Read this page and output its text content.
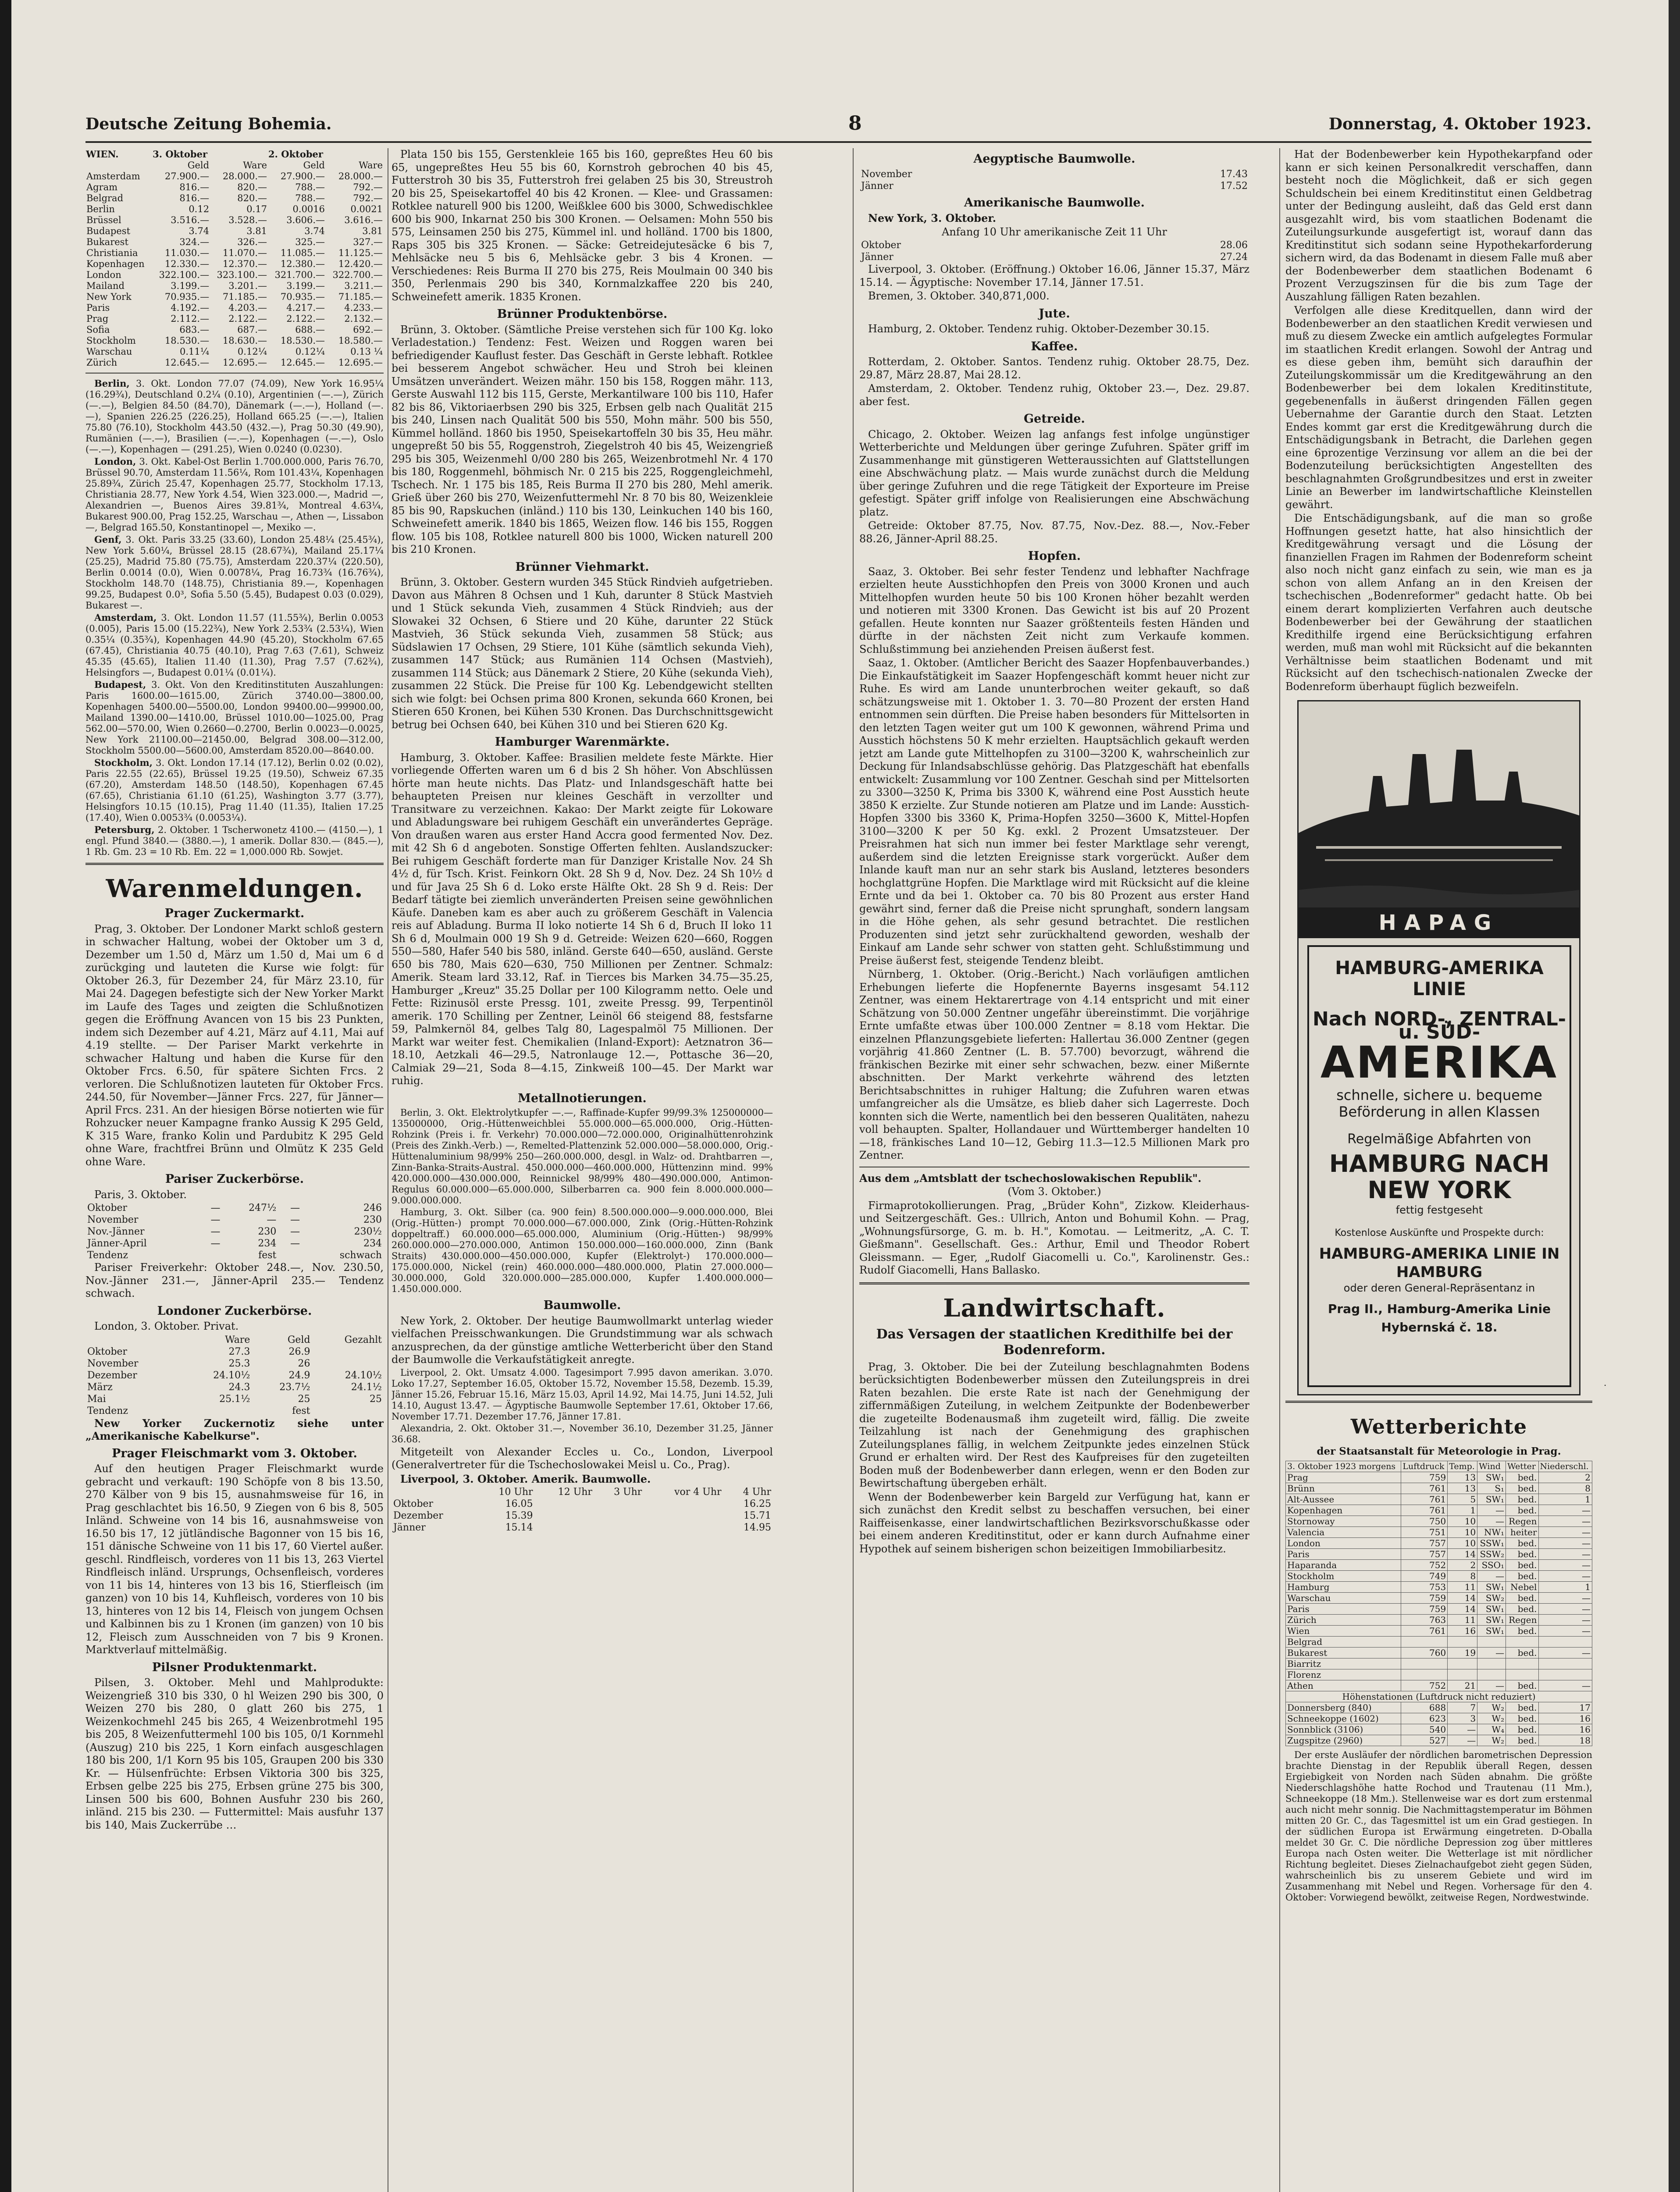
Deutsche Zeitung Bohemia.	8	Donnerstag, 4. Oktober 1923.
WIEN.	3. Oktober		2. Oktober	
	Geld	Ware	Geld	Ware
Amsterdam	27.900.—	28.000.—	27.900.—	28.000.—
Agram	816.—	820.—	788.—	792.—
Belgrad	816.—	820.—	788.—	792.—
Berlin	0.12	0.17	0.0016	0.0021
Brüssel	3.516.—	3.528.—	3.606.—	3.616.—
Budapest	3.74	3.81	3.74	3.81
Bukarest	324.—	326.—	325.—	327.—
Christiania	11.030.—	11.070.—	11.085.—	11.125.—
Kopenhagen	12.330.—	12.370.—	12.380.—	12.420.—
London	322.100.—	323.100.—	321.700.—	322.700.—
Mailand	3.199.—	3.201.—	3.199.—	3.211.—
New York	70.935.—	71.185.—	70.935.—	71.185.—
Paris	4.192.—	4.203.—	4.217.—	4.233.—
Prag	2.112.—	2.122.—	2.122.—	2.132.—
Sofia	683.—	687.—	688.—	692.—
Stockholm	18.530.—	18.630.—	18.530.—	18.580.—
Warschau	0.11¼	0.12¼	0.12¼	0.13 ¼
Zürich	12.645.—	12.695.—	12.645.—	12.695.—

Berlin, 3. Okt. London 77.07 (74.09), New York 16.95¼ (16.29¾), Deutschland 0.2¼ (0.10), Argentinien (—.—), Zürich (—.—), Belgien 84.50 (84.70), Dänemark (—.—), Holland (—.—), Spanien 226.25 (226.25), Holland 665.25 (—.—), Italien 75.80 (76.10), Stockholm 443.50 (432.—), Prag 50.30 (49.90), Rumänien (—.—), Brasilien (—.—), Kopenhagen (—.—), Oslo (—.—), Kopenhagen — (291.25), Wien 0.0240 (0.0230).

London, 3. Okt. Kabel-Ost Berlin 1.700.000.000, Paris 76.70, Brüssel 90.70, Amsterdam 11.56¼, Rom 101.43¼, Kopenhagen 25.89¾, Zürich 25.47, Kopenhagen 25.77, Stockholm 17.13, Christiania 28.77, New York 4.54, Wien 323.000.—, Madrid —, Alexandrien —, Buenos Aires 39.81¾, Montreal 4.63¼, Bukarest 900.00, Prag 152.25, Warschau —, Athen —, Lissabon —, Belgrad 165.50, Konstantinopel —, Mexiko —.

Genf, 3. Okt. Paris 33.25 (33.60), London 25.48¼ (25.45¾), New York 5.60¼, Brüssel 28.15 (28.67¾), Mailand 25.17¼ (25.25), Madrid 75.80 (75.75), Amsterdam 220.37¼ (220.50), Berlin 0.0014 (0.0), Wien 0.0078¼, Prag 16.73¾ (16.76¾), Stockholm 148.70 (148.75), Christiania 89.—, Kopenhagen 99.25, Budapest 0.0³, Sofia 5.50 (5.45), Budapest 0.03 (0.029), Bukarest —.

Amsterdam, 3. Okt. London 11.57 (11.55¾), Berlin 0.0053 (0.005), Paris 15.00 (15.22¾), New York 2.53¾ (2.53¼), Wien 0.35¼ (0.35¾), Kopenhagen 44.90 (45.20), Stockholm 67.65 (67.45), Christiania 40.75 (40.10), Prag 7.63 (7.61), Schweiz 45.35 (45.65), Italien 11.40 (11.30), Prag 7.57 (7.62¾), Helsingfors —, Budapest 0.01¼ (0.01¼).

Budapest, 3. Okt. Von den Kreditinstituten Auszahlungen: Paris 1600.00—1615.00, Zürich 3740.00—3800.00, Kopenhagen 5400.00—5500.00, London 99400.00—99900.00, Mailand 1390.00—1410.00, Brüssel 1010.00—1025.00, Prag 562.00—570.00, Wien 0.2660—0.2700, Berlin 0.0023—0.0025, New York 21100.00—21450.00, Belgrad 308.00—312.00, Stockholm 5500.00—5600.00, Amsterdam 8520.00—8640.00.

Stockholm, 3. Okt. London 17.14 (17.12), Berlin 0.02 (0.02), Paris 22.55 (22.65), Brüssel 19.25 (19.50), Schweiz 67.35 (67.20), Amsterdam 148.50 (148.50), Kopenhagen 67.45 (67.65), Christiania 61.10 (61.25), Washington 3.77 (3.77), Helsingfors 10.15 (10.15), Prag 11.40 (11.35), Italien 17.25 (17.40), Wien 0.0053¾ (0.0053¼).

Petersburg, 2. Oktober. 1 Tscherwonetz 4100.— (4150.—), 1 engl. Pfund 3840.— (3880.—), 1 amerik. Dollar 830.— (845.—), 1 Rb. Gm. 23 = 10 Rb. Em. 22 = 1,000.000 Rb. Sowjet.

Warenmeldungen.
Prager Zuckermarkt.

Prag, 3. Oktober. Der Londoner Markt schloß gestern in schwacher Haltung, wobei der Oktober um 3 d, Dezember um 1.50 d, März um 1.50 d, Mai um 6 d zurückging und lauteten die Kurse wie folgt: für Oktober 26.3, für Dezember 24, für März 23.10, für Mai 24. Dagegen befestigte sich der New Yorker Markt im Laufe des Tages und zeigten die Schlußnotizen gegen die Eröffnung Avancen von 15 bis 23 Punkten, indem sich Dezember auf 4.21, März auf 4.11, Mai auf 4.19 stellte. — Der Pariser Markt verkehrte in schwacher Haltung und haben die Kurse für den Oktober Frcs. 6.50, für spätere Sichten Frcs. 2 verloren. Die Schlußnotizen lauteten für Oktober Frcs. 244.50, für November—Jänner Frcs. 227, für Jänner—April Frcs. 231. An der hiesigen Börse notierten wie für Rohzucker neuer Kampagne franko Aussig K 295 Geld, K 315 Ware, franko Kolin und Pardubitz K 295 Geld ohne Ware, frachtfrei Brünn und Olmütz K 235 Geld ohne Ware.

Pariser Zuckerbörse.

Paris, 3. Oktober.

Oktober	—	247½	—	246
November	—	—	—	230
Nov.-Jänner	—	230	—	230½
Jänner-April	—	234	—	234
Tendenz		fest		schwach

Pariser Freiverkehr: Oktober 248.—, Nov. 230.50, Nov.-Jänner 231.—, Jänner-April 235.— Tendenz schwach.

Londoner Zuckerbörse.

London, 3. Oktober. Privat.

	Ware	Geld	Gezahlt
Oktober	27.3	26.9	
November	25.3	26	
Dezember	24.10½	24.9	24.10½
März	24.3	23.7½	24.1½
Mai	25.1½	25	25
Tendenz		fest	

New Yorker Zuckernotiz siehe unter „Amerikanische Kabelkurse".

Prager Fleischmarkt vom 3. Oktober.

Auf den heutigen Prager Fleischmarkt wurde gebracht und verkauft: 190 Schöpfe von 8 bis 13.50, 270 Kälber von 9 bis 15, ausnahmsweise für 16, in Prag geschlachtet bis 16.50, 9 Ziegen von 6 bis 8, 505 Inländ. Schweine von 14 bis 16, ausnahmsweise von 16.50 bis 17, 12 jütländische Bagonner von 15 bis 16, 151 dänische Schweine von 11 bis 17, 60 Viertel außer. geschl. Rindfleisch, vorderes von 11 bis 13, 263 Viertel Rindfleisch inländ. Ursprungs, Ochsenfleisch, vorderes von 11 bis 14, hinteres von 13 bis 16, Stierfleisch (im ganzen) von 10 bis 14, Kuhfleisch, vorderes von 10 bis 13, hinteres von 12 bis 14, Fleisch von jungem Ochsen und Kalbinnen bis zu 1 Kronen (im ganzen) von 10 bis 12, Fleisch zum Ausschneiden von 7 bis 9 Kronen. Marktverlauf mittelmäßig.

Pilsner Produktenmarkt.

Pilsen, 3. Oktober. Mehl und Mahlprodukte: Weizengrieß 310 bis 330, 0 hl Weizen 290 bis 300, 0 Weizen 270 bis 280, 0 glatt 260 bis 275, 1 Weizenkochmehl 245 bis 265, 4 Weizenbrotmehl 195 bis 205, 8 Weizenfuttermehl 100 bis 105, 0/1 Kornmehl (Auszug) 210 bis 225, 1 Korn einfach ausgeschlagen 180 bis 200, 1/1 Korn 95 bis 105, Graupen 200 bis 330 Kr. — Hülsenfrüchte: Erbsen Viktoria 300 bis 325, Erbsen gelbe 225 bis 275, Erbsen grüne 275 bis 300, Linsen 500 bis 600, Bohnen Ausfuhr 230 bis 260, inländ. 215 bis 230. — Futtermittel: Mais ausfuhr 137 bis 140, Mais Zuckerrübe …

Plata 150 bis 155, Gerstenkleie 165 bis 160, gepreßtes Heu 60 bis 65, ungepreßtes Heu 55 bis 60, Kornstroh gebrochen 40 bis 45, Futterstroh 30 bis 35, Futterstroh frei gelaben 25 bis 30, Streustroh 20 bis 25, Speisekartoffel 40 bis 42 Kronen. — Klee- und Grassamen: Rotklee naturell 900 bis 1200, Weißklee 600 bis 3000, Schwedischklee 600 bis 900, Inkarnat 250 bis 300 Kronen. — Oelsamen: Mohn 550 bis 575, Leinsamen 250 bis 275, Kümmel inl. und holländ. 1700 bis 1800, Raps 305 bis 325 Kronen. — Säcke: Getreidejutesäcke 6 bis 7, Mehlsäcke neu 5 bis 6, Mehlsäcke gebr. 3 bis 4 Kronen. — Verschiedenes: Reis Burma II 270 bis 275, Reis Moulmain 00 340 bis 350, Perlenmais 290 bis 340, Kornmalzkaffee 220 bis 240, Schweinefett amerik. 1835 Kronen.

Brünner Produktenbörse.

Brünn, 3. Oktober. (Sämtliche Preise verstehen sich für 100 Kg. loko Verladestation.) Tendenz: Fest. Weizen und Roggen waren bei befriedigender Kauflust fester. Das Geschäft in Gerste lebhaft. Rotklee bei besserem Angebot schwächer. Heu und Stroh bei kleinen Umsätzen unverändert. Weizen mähr. 150 bis 158, Roggen mähr. 113, Gerste Auswahl 112 bis 115, Gerste, Merkantilware 100 bis 110, Hafer 82 bis 86, Viktoriaerbsen 290 bis 325, Erbsen gelb nach Qualität 215 bis 240, Linsen nach Qualität 500 bis 550, Mohn mähr. 500 bis 550, Kümmel holländ. 1860 bis 1950, Speisekartoffeln 30 bis 35, Heu mähr. ungepreßt 50 bis 55, Roggenstroh, Ziegelstroh 40 bis 45, Weizengrieß 295 bis 305, Weizenmehl 0/00 280 bis 265, Weizenbrotmehl Nr. 4 170 bis 180, Roggenmehl, böhmisch Nr. 0 215 bis 225, Roggengleichmehl, Tschech. Nr. 1 175 bis 185, Reis Burma II 270 bis 280, Mehl amerik. Grieß über 260 bis 270, Weizenfuttermehl Nr. 8 70 bis 80, Weizenkleie 85 bis 90, Rapskuchen (inländ.) 110 bis 130, Leinkuchen 140 bis 160, Schweinefett amerik. 1840 bis 1865, Weizen flow. 146 bis 155, Roggen flow. 105 bis 108, Rotklee naturell 800 bis 1000, Wicken naturell 200 bis 210 Kronen.

Brünner Viehmarkt.

Brünn, 3. Oktober. Gestern wurden 345 Stück Rindvieh aufgetrieben. Davon aus Mähren 8 Ochsen und 1 Kuh, darunter 8 Stück Mastvieh und 1 Stück sekunda Vieh, zusammen 4 Stück Rindvieh; aus der Slowakei 32 Ochsen, 6 Stiere und 20 Kühe, darunter 22 Stück Mastvieh, 36 Stück sekunda Vieh, zusammen 58 Stück; aus Südslawien 17 Ochsen, 29 Stiere, 101 Kühe (sämtlich sekunda Vieh), zusammen 147 Stück; aus Rumänien 114 Ochsen (Mastvieh), zusammen 114 Stück; aus Dänemark 2 Stiere, 20 Kühe (sekunda Vieh), zusammen 22 Stück. Die Preise für 100 Kg. Lebendgewicht stellten sich wie folgt: bei Ochsen prima 800 Kronen, sekunda 660 Kronen, bei Stieren 650 Kronen, bei Kühen 530 Kronen. Das Durchschnittsgewicht betrug bei Ochsen 640, bei Kühen 310 und bei Stieren 620 Kg.

Hamburger Warenmärkte.

Hamburg, 3. Oktober. Kaffee: Brasilien meldete feste Märkte. Hier vorliegende Offerten waren um 6 d bis 2 Sh höher. Von Abschlüssen hörte man heute nichts. Das Platz- und Inlandsgeschäft hatte bei behaupteten Preisen nur kleines Geschäft in verzollter und Transitware zu verzeichnen. Kakao: Der Markt zeigte für Lokoware und Abladungsware bei ruhigem Geschäft ein unverändertes Gepräge. Von draußen waren aus erster Hand Accra good fermented Nov. Dez. mit 42 Sh 6 d angeboten. Sonstige Offerten fehlten. Auslandszucker: Bei ruhigem Geschäft forderte man für Danziger Kristalle Nov. 24 Sh 4½ d, für Tsch. Krist. Feinkorn Okt. 28 Sh 9 d, Nov. Dez. 24 Sh 10½ d und für Java 25 Sh 6 d. Loko erste Hälfte Okt. 28 Sh 9 d. Reis: Der Bedarf tätigte bei ziemlich unveränderten Preisen seine gewöhnlichen Käufe. Daneben kam es aber auch zu größerem Geschäft in Valencia reis auf Abladung. Burma II loko notierte 14 Sh 6 d, Bruch II loko 11 Sh 6 d, Moulmain 000 19 Sh 9 d. Getreide: Weizen 620—660, Roggen 550—580, Hafer 540 bis 580, inländ. Gerste 640—650, ausländ. Gerste 650 bis 780, Mais 620—630, 750 Millionen per Zentner. Schmalz: Amerik. Steam lard 33.12, Raf. in Tierces bis Marken 34.75—35.25, Hamburger „Kreuz" 35.25 Dollar per 100 Kilogramm netto. Oele und Fette: Rizinusöl erste Pressg. 101, zweite Pressg. 99, Terpentinöl amerik. 170 Schilling per Zentner, Leinöl 66 steigend 88, festsfarne 59, Palmkernöl 84, gelbes Talg 80, Lagespalmöl 75 Millionen. Der Markt war weiter fest. Chemikalien (Inland-Export): Aetznatron 36—18.10, Aetzkali 46—29.5, Natronlauge 12.—, Pottasche 36—20, Calmiak 29—21, Soda 8—4.15, Zinkweiß 100—45. Der Markt war ruhig.

Metallnotierungen.

Berlin, 3. Okt. Elektrolytkupfer —.—, Raffinade-Kupfer 99/99.3% 125000000—135000000, Orig.-Hüttenweichblei 55.000.000—65.000.000, Orig.-Hütten-Rohzink (Preis i. fr. Verkehr) 70.000.000—72.000.000, Originalhüttenrohzink (Preis des Zinkh.-Verb.) —, Remelted-Plattenzink 52.000.000—58.000.000, Orig.-Hüttenaluminium 98/99% 250—260.000.000, desgl. in Walz- od. Drahtbarren —, Zinn-Banka-Straits-Austral. 450.000.000—460.000.000, Hüttenzinn mind. 99% 420.000.000—430.000.000, Reinnickel 98/99% 480—490.000.000, Antimon-Regulus 60.000.000—65.000.000, Silberbarren ca. 900 fein 8.000.000.000—9.000.000.000.

Hamburg, 3. Okt. Silber (ca. 900 fein) 8.500.000.000—9.000.000.000, Blei (Orig.-Hütten-) prompt 70.000.000—67.000.000, Zink (Orig.-Hütten-Rohzink doppeltraff.) 60.000.000—65.000.000, Aluminium (Orig.-Hütten-) 98/99% 260.000.000—270.000.000, Antimon 150.000.000—160.000.000, Zinn (Bank Straits) 430.000.000—450.000.000, Kupfer (Elektrolyt-) 170.000.000—175.000.000, Nickel (rein) 460.000.000—480.000.000, Platin 27.000.000—30.000.000, Gold 320.000.000—285.000.000, Kupfer 1.400.000.000—1.450.000.000.

Baumwolle.

New York, 2. Oktober. Der heutige Baumwollmarkt unterlag wieder vielfachen Preisschwankungen. Die Grundstimmung war als schwach anzusprechen, da der günstige amtliche Wetterbericht über den Stand der Baumwolle die Verkaufstätigkeit anregte.

Liverpool, 2. Okt. Umsatz 4.000. Tagesimport 7.995 davon amerikan. 3.070. Loko 17.27, September 16.05, Oktober 15.72, November 15.58, Dezemb. 15.39, Jänner 15.26, Februar 15.16, März 15.03, April 14.92, Mai 14.75, Juni 14.52, Juli 14.10, August 13.47. — Ägyptische Baumwolle September 17.61, Oktober 17.66, November 17.71. Dezember 17.76, Jänner 17.81.

Alexandria, 2. Okt. Oktober 31.—, November 36.10, Dezember 31.25, Jänner 36.68.

Mitgeteilt von Alexander Eccles u. Co., London, Liverpool (Generalvertreter für die Tschechoslowakei Meisl u. Co., Prag).

Liverpool, 3. Oktober. Amerik. Baumwolle.

	10 Uhr	12 Uhr	3 Uhr	vor 4 Uhr	4 Uhr
Oktober	16.05				16.25
Dezember	15.39				15.71
Jänner	15.14				14.95
Aegyptische Baumwolle.
November	17.43
Jänner	17.52
Amerikanische Baumwolle.

New York, 3. Oktober.

Anfang 10 Uhr amerikanische Zeit 11 Uhr

Oktober	28.06
Jänner	27.24

Liverpool, 3. Oktober. (Eröffnung.) Oktober 16.06, Jänner 15.37, März 15.14. — Ägyptische: November 17.14, Jänner 17.51.

Bremen, 3. Oktober. 340,871,000.

Jute.

Hamburg, 2. Oktober. Tendenz ruhig. Oktober-Dezember 30.15.

Kaffee.

Rotterdam, 2. Oktober. Santos. Tendenz ruhig. Oktober 28.75, Dez. 29.87, März 28.87, Mai 28.12.

Amsterdam, 2. Oktober. Tendenz ruhig, Oktober 23.—, Dez. 29.87. aber fest.

Getreide.

Chicago, 2. Oktober. Weizen lag anfangs fest infolge ungünstiger Wetterberichte und Meldungen über geringe Zufuhren. Später griff im Zusammenhange mit günstigeren Wetteraussichten auf Glattstellungen eine Abschwächung platz. — Mais wurde zunächst durch die Meldung über geringe Zufuhren und die rege Tätigkeit der Exporteure im Preise gefestigt. Später griff infolge von Realisierungen eine Abschwächung platz.

Getreide: Oktober 87.75, Nov. 87.75, Nov.-Dez. 88.—, Nov.-Feber 88.26, Jänner-April 88.25.

Hopfen.

Saaz, 3. Oktober. Bei sehr fester Tendenz und lebhafter Nachfrage erzielten heute Ausstichhopfen den Preis von 3000 Kronen und auch Mittelhopfen wurden heute 50 bis 100 Kronen höher bezahlt werden und notieren mit 3300 Kronen. Das Gewicht ist bis auf 20 Prozent gefallen. Heute konnten nur Saazer größtenteils festen Händen und dürfte in der nächsten Zeit nicht zum Verkaufe kommen. Schlußstimmung bei anziehenden Preisen äußerst fest.

Saaz, 1. Oktober. (Amtlicher Bericht des Saazer Hopfenbauverbandes.) Die Einkaufstätigkeit im Saazer Hopfengeschäft kommt heuer nicht zur Ruhe. Es wird am Lande ununterbrochen weiter gekauft, so daß schätzungsweise mit 1. Oktober 1. 3. 70—80 Prozent der ersten Hand entnommen sein dürften. Die Preise haben besonders für Mittelsorten in den letzten Tagen weiter gut um 100 K gewonnen, während Prima und Ausstich höchstens 50 K mehr erzielten. Hauptsächlich gekauft werden jetzt am Lande gute Mittelhopfen zu 3100—3200 K, wahrscheinlich zur Deckung für Inlandsabschlüsse gehörig. Das Platzgeschäft hat ebenfalls entwickelt: Zusammlung vor 100 Zentner. Geschah sind per Mittelsorten zu 3300—3250 K, Prima bis 3300 K, während eine Post Ausstich heute 3850 K erzielte. Zur Stunde notieren am Platze und im Lande: Ausstich-Hopfen 3300 bis 3360 K, Prima-Hopfen 3250—3600 K, Mittel-Hopfen 3100—3200 K per 50 Kg. exkl. 2 Prozent Umsatzsteuer. Der Preisrahmen hat sich nun immer bei fester Marktlage sehr verengt, außerdem sind die letzten Ereignisse stark vorgerückt. Außer dem Inlande kauft man nur an sehr stark bis Ausland, letzteres besonders hochglattgrüne Hopfen. Die Marktlage wird mit Rücksicht auf die kleine Ernte und da bei 1. Oktober ca. 70 bis 80 Prozent aus erster Hand gewährt sind, ferner daß die Preise nicht sprunghaft, sondern langsam in die Höhe gehen, als sehr gesund betrachtet. Die restlichen Produzenten sind jetzt sehr zurückhaltend geworden, weshalb der Einkauf am Lande sehr schwer von statten geht. Schlußstimmung und Preise äußerst fest, steigende Tendenz bleibt.

Nürnberg, 1. Oktober. (Orig.-Bericht.) Nach vorläufigen amtlichen Erhebungen lieferte die Hopfenernte Bayerns insgesamt 54.112 Zentner, was einem Hektarertrage von 4.14 entspricht und mit einer Schätzung von 50.000 Zentner ungefähr übereinstimmt. Die vorjährige Ernte umfaßte etwas über 100.000 Zentner = 8.18 vom Hektar. Die einzelnen Pflanzungsgebiete lieferten: Hallertau 36.000 Zentner (gegen vorjährig 41.860 Zentner (L. B. 57.700) bevorzugt, während die fränkischen Bezirke mit einer sehr schwachen, bezw. einer Mißernte abschnitten. Der Markt verkehrte während des letzten Berichtsabschnittes in ruhiger Haltung; die Zufuhren waren etwas umfangreicher als die Umsätze, es blieb daher sich Lagerreste. Doch konnten sich die Werte, namentlich bei den besseren Qualitäten, nahezu voll behaupten. Spalter, Hollandauer und Württemberger handelten 10—18, fränkisches Land 10—12, Gebirg 11.3—12.5 Millionen Mark pro Zentner.

Aus dem „Amtsblatt der tschechoslowakischen Republik".

(Vom 3. Oktober.)

Firmaprotokollierungen. Prag, „Brüder Kohn", Zizkow. Kleiderhaus- und Seitzergeschäft. Ges.: Ullrich, Anton und Bohumil Kohn. — Prag, „Wohnungsfürsorge, G. m. b. H.", Komotau. — Leitmeritz, „A. C. T. Gießmann". Gesellschaft. Ges.: Arthur, Emil und Theodor Robert Gleissmann. — Eger, „Rudolf Giacomelli u. Co.", Karolinenstr. Ges.: Rudolf Giacomelli, Hans Ballasko.

Landwirtschaft.
Das Versagen der staatlichen Kredithilfe bei der Bodenreform.

Prag, 3. Oktober. Die bei der Zuteilung beschlagnahmten Bodens berücksichtigten Bodenbewerber müssen den Zuteilungspreis in drei Raten bezahlen. Die erste Rate ist nach der Genehmigung der ziffernmäßigen Zuteilung, in welchem Zeitpunkte der Bodenbewerber die zugeteilte Bodenausmaß ihm zugeteilt wird, fällig. Die zweite Teilzahlung ist nach der Genehmigung des graphischen Zuteilungsplanes fällig, in welchem Zeitpunkte jedes einzelnen Stück Grund er erhalten wird. Der Rest des Kaufpreises für den zugeteilten Boden muß der Bodenbewerber dann erlegen, wenn er den Boden zur Bewirtschaftung übergeben erhält.

Wenn der Bodenbewerber kein Bargeld zur Verfügung hat, kann er sich zunächst den Kredit selbst zu beschaffen versuchen, bei einer Raiffeisenkasse, einer landwirtschaftlichen Bezirksvorschußkasse oder bei einem anderen Kreditinstitut, oder er kann durch Aufnahme einer Hypothek auf seinem bisherigen schon beizeitigen Immobiliarbesitz.

Hat der Bodenbewerber kein Hypothekarpfand oder kann er sich keinen Personalkredit verschaffen, dann besteht noch die Möglichkeit, daß er sich gegen Schuldschein bei einem Kreditinstitut einen Geldbetrag unter der Bedingung ausleiht, daß das Geld erst dann ausgezahlt wird, bis vom staatlichen Bodenamt die Zuteilungsurkunde ausgefertigt ist, worauf dann das Kreditinstitut sich sodann seine Hypothekarforderung sichern wird, da das Bodenamt in diesem Falle muß aber der Bodenbewerber dem staatlichen Bodenamt 6 Prozent Verzugszinsen für die bis zum Tage der Auszahlung fälligen Raten bezahlen.

Verfolgen alle diese Kreditquellen, dann wird der Bodenbewerber an den staatlichen Kredit verwiesen und muß zu diesem Zwecke ein amtlich aufgelegtes Formular im staatlichen Kredit erlangen. Sowohl der Antrag und es diese geben ihm, bemüht sich daraufhin der Zuteilungskommissär um die Kreditgewährung an den Bodenbewerber bei dem lokalen Kreditinstitute, gegebenenfalls in äußerst dringenden Fällen gegen Uebernahme der Garantie durch den Staat. Letzten Endes kommt gar erst die Kreditgewährung durch die Entschädigungsbank in Betracht, die Darlehen gegen eine 6prozentige Verzinsung vor allem an die bei der Bodenzuteilung berücksichtigten Angestellten des beschlagnahmten Großgrundbesitzes und erst in zweiter Linie an Bewerber im landwirtschaftliche Kleinstellen gewährt.

Die Entschädigungsbank, auf die man so große Hoffnungen gesetzt hatte, hat also hinsichtlich der Kreditgewährung versagt und die Lösung der finanziellen Fragen im Rahmen der Bodenreform scheint also noch nicht ganz einfach zu sein, wie man es ja schon von allem Anfang an in den Kreisen der tschechischen „Bodenreformer" gedacht hatte. Ob bei einem derart komplizierten Verfahren auch deutsche Bodenbewerber bei der Gewährung der staatlichen Kredithilfe irgend eine Berücksichtigung erfahren werden, muß man wohl mit Rücksicht auf die bekannten Verhältnisse beim staatlichen Bodenamt und mit Rücksicht auf den tschechisch-nationalen Zwecke der Bodenreform überhaupt füglich bezweifeln.

HAPAG
HAMBURG-AMERIKA LINIE
Nach NORD-, ZENTRAL- u. SÜD-
AMERIKA
schnelle, sichere u. bequeme Beförderung in allen Klassen
Regelmäßige Abfahrten von
HAMBURG NACH NEW YORK
fettig festgeseht
Kostenlose Auskünfte und Prospekte durch:
HAMBURG-AMERIKA LINIE IN HAMBURG
oder deren General-Repräsentanz in
Prag II., Hamburg-Amerika Linie Hybernská č. 18.
Wetterberichte
der Staatsanstalt für Meteorologie in Prag.
3. Oktober 1923 morgens	Luftdruck	Temp.	Wind	Wetter	Niederschl.
Prag	759	13	SW₁	bed.	2
Brünn	761	13	S₁	bed.	8
Alt-Aussee	761	5	SW₁	bed.	1
Kopenhagen	761	1	—	bed.	—
Stornoway	750	10	—	Regen	—
Valencia	751	10	NW₁	heiter	—
London	757	10	SSW₁	bed.	—
Paris	757	14	SSW₂	bed.	—
Haparanda	752	2	SSO₁	bed.	—
Stockholm	749	8	—	bed.	—
Hamburg	753	11	SW₁	Nebel	1
Warschau	759	14	SW₂	bed.	—
Paris	759	14	SW₁	bed.	—
Zürich	763	11	SW₁	Regen	—
Wien	761	16	SW₁	bed.	—
Belgrad					
Bukarest	760	19	—	bed.	—
Biarritz					
Florenz					
Athen	752	21	—	bed.	—
Höhenstationen (Luftdruck nicht reduziert)					
Donnersberg (840)	688	7	W₂	bed.	17
Schneekoppe (1602)	623	3	W₂	bed.	16
Sonnblick (3106)	540	—	W₄	bed.	16
Zugspitze (2960)	527	—	W₂	bed.	18

Der erste Ausläufer der nördlichen barometrischen Depression brachte Dienstag in der Republik überall Regen, dessen Ergiebigkeit von Norden nach Süden abnahm. Die größte Niederschlagshöhe hatte Rochod und Trautenau (11 Mm.), Schneekoppe (18 Mm.). Stellenweise war es dort zum erstenmal auch nicht mehr sonnig. Die Nachmittagstemperatur im Böhmen mitten 20 Gr. C., das Tagesmittel ist um ein Grad gestiegen. In der südlichen Europa ist Erwärmung eingetreten. D-Oballa meldet 30 Gr. C. Die nördliche Depression zog über mittleres Europa nach Osten weiter. Die Wetterlage ist mit nördlicher Richtung begleitet. Dieses Zielnachaufgebot zieht gegen Süden, wahrscheinlich bis zu unserem Gebiete und wird im Zusammenhang mit Nebel und Regen. Vorhersage für den 4. Oktober: Vorwiegend bewölkt, zeitweise Regen, Nordwestwinde.

·
